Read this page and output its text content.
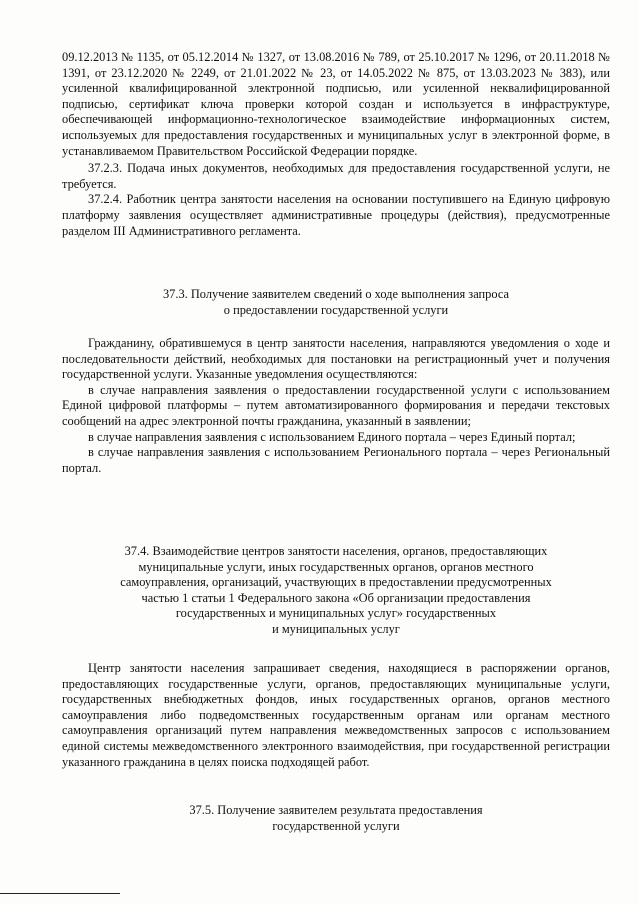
09.12.2013 № 1135, от 05.12.2014 № 1327, от 13.08.2016 № 789, от 25.10.2017 № 1296, от 20.11.2018 № 1391, от 23.12.2020 № 2249, от 21.01.2022 № 23, от 14.05.2022 № 875, от 13.03.2023 № 383), или усиленной квалифицированной электронной подписью, или усиленной неквалифицированной подписью, сертификат ключа проверки которой создан и используется в инфраструктуре, обеспечивающей информационно-технологическое взаимодействие информационных систем, используемых для предоставления государственных и муниципальных услуг в электронной форме, в устанавливаемом Правительством Российской Федерации порядке.

37.2.3. Подача иных документов, необходимых для предоставления государственной услуги, не требуется.

37.2.4. Работник центра занятости населения на основании поступившего на Единую цифровую платформу заявления осуществляет административные процедуры (действия), предусмотренные разделом III Административного регламента.

37.3. Получение заявителем сведений о ходе выполнения запроса

о предоставлении государственной услуги

Гражданину, обратившемуся в центр занятости населения, направляются уведомления о ходе и последовательности действий, необходимых для постановки на регистрационный учет и получения государственной услуги. Указанные уведомления осуществляются:

в случае направления заявления о предоставлении государственной услуги с использованием Единой цифровой платформы – путем автоматизированного формирования и передачи текстовых сообщений на адрес электронной почты гражданина, указанный в заявлении;

в случае направления заявления с использованием Единого портала – через Единый портал;

в случае направления заявления с использованием Регионального портала – через Региональный портал.

37.4. Взаимодействие центров занятости населения, органов, предоставляющих

муниципальные услуги, иных государственных органов, органов местного

самоуправления, организаций, участвующих в предоставлении предусмотренных

частью 1 статьи 1 Федерального закона «Об организации предоставления

государственных и муниципальных услуг» государственных

и муниципальных услуг

Центр занятости населения запрашивает сведения, находящиеся в распоряжении органов, предоставляющих государственные услуги, органов, предоставляющих муниципальные услуги, государственных внебюджетных фондов, иных государственных органов, органов местного самоуправления либо подведомственных государственным органам или органам местного самоуправления организаций путем направления межведомственных запросов с использованием единой системы межведомственного электронного взаимодействия, при государственной регистрации указанного гражданина в целях поиска подходящей работ.

37.5. Получение заявителем результата предоставления

государственной услуги
